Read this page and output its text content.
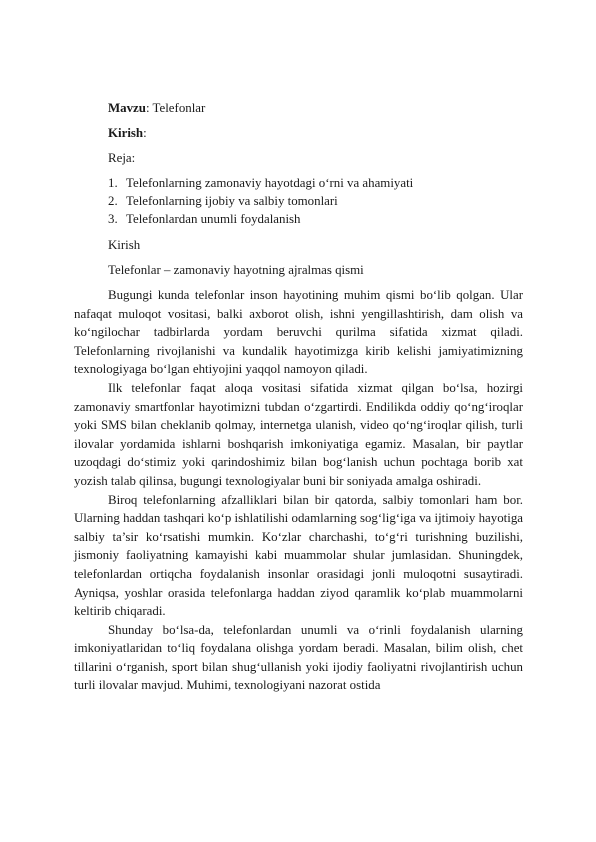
Mavzu: Telefonlar
Kirish:
Reja:
1. Telefonlarning zamonaviy hayotdagi o‘rni va ahamiyati
2. Telefonlarning ijobiy va salbiy tomonlari
3. Telefonlardan unumli foydalanish
Kirish
Telefonlar – zamonaviy hayotning ajralmas qismi

Bugungi kunda telefonlar inson hayotining muhim qismi bo‘lib qolgan. Ular nafaqat muloqot vositasi, balki axborot olish, ishni yengillashtirish, dam olish va ko‘ngilochar tadbirlarda yordam beruvchi qurilma sifatida xizmat qiladi. Telefonlarning rivojlanishi va kundalik hayotimizga kirib kelishi jamiyatimizning texnologiyaga bo‘lgan ehtiyojini yaqqol namoyon qiladi.

Ilk telefonlar faqat aloqa vositasi sifatida xizmat qilgan bo‘lsa, hozirgi zamonaviy smartfonlar hayotimizni tubdan o‘zgartirdi. Endilikda oddiy qo‘ng‘iroqlar yoki SMS bilan cheklanib qolmay, internetga ulanish, video qo‘ng‘iroqlar qilish, turli ilovalar yordamida ishlarni boshqarish imkoniyatiga egamiz. Masalan, bir paytlar uzoqdagi do‘stimiz yoki qarindoshimiz bilan bog‘lanish uchun pochtaga borib xat yozish talab qilinsa, bugungi texnologiyalar buni bir soniyada amalga oshiradi.

Biroq telefonlarning afzalliklari bilan bir qatorda, salbiy tomonlari ham bor. Ularning haddan tashqari ko‘p ishlatilishi odamlarning sog‘lig‘iga va ijtimoiy hayotiga salbiy ta’sir ko‘rsatishi mumkin. Ko‘zlar charchashi, to‘g‘ri turishning buzilishi, jismoniy faoliyatning kamayishi kabi muammolar shular jumlasidan. Shuningdek, telefonlardan ortiqcha foydalanish insonlar orasidagi jonli muloqotni susaytiradi. Ayniqsa, yoshlar orasida telefonlarga haddan ziyod qaramlik ko‘plab muammolarni keltirib chiqaradi.

Shunday bo‘lsa-da, telefonlardan unumli va o‘rinli foydalanish ularning imkoniyatlaridan to‘liq foydalana olishga yordam beradi. Masalan, bilim olish, chet tillarini o‘rganish, sport bilan shug‘ullanish yoki ijodiy faoliyatni rivojlantirish uchun turli ilovalar mavjud. Muhimi, texnologiyani nazorat ostida
